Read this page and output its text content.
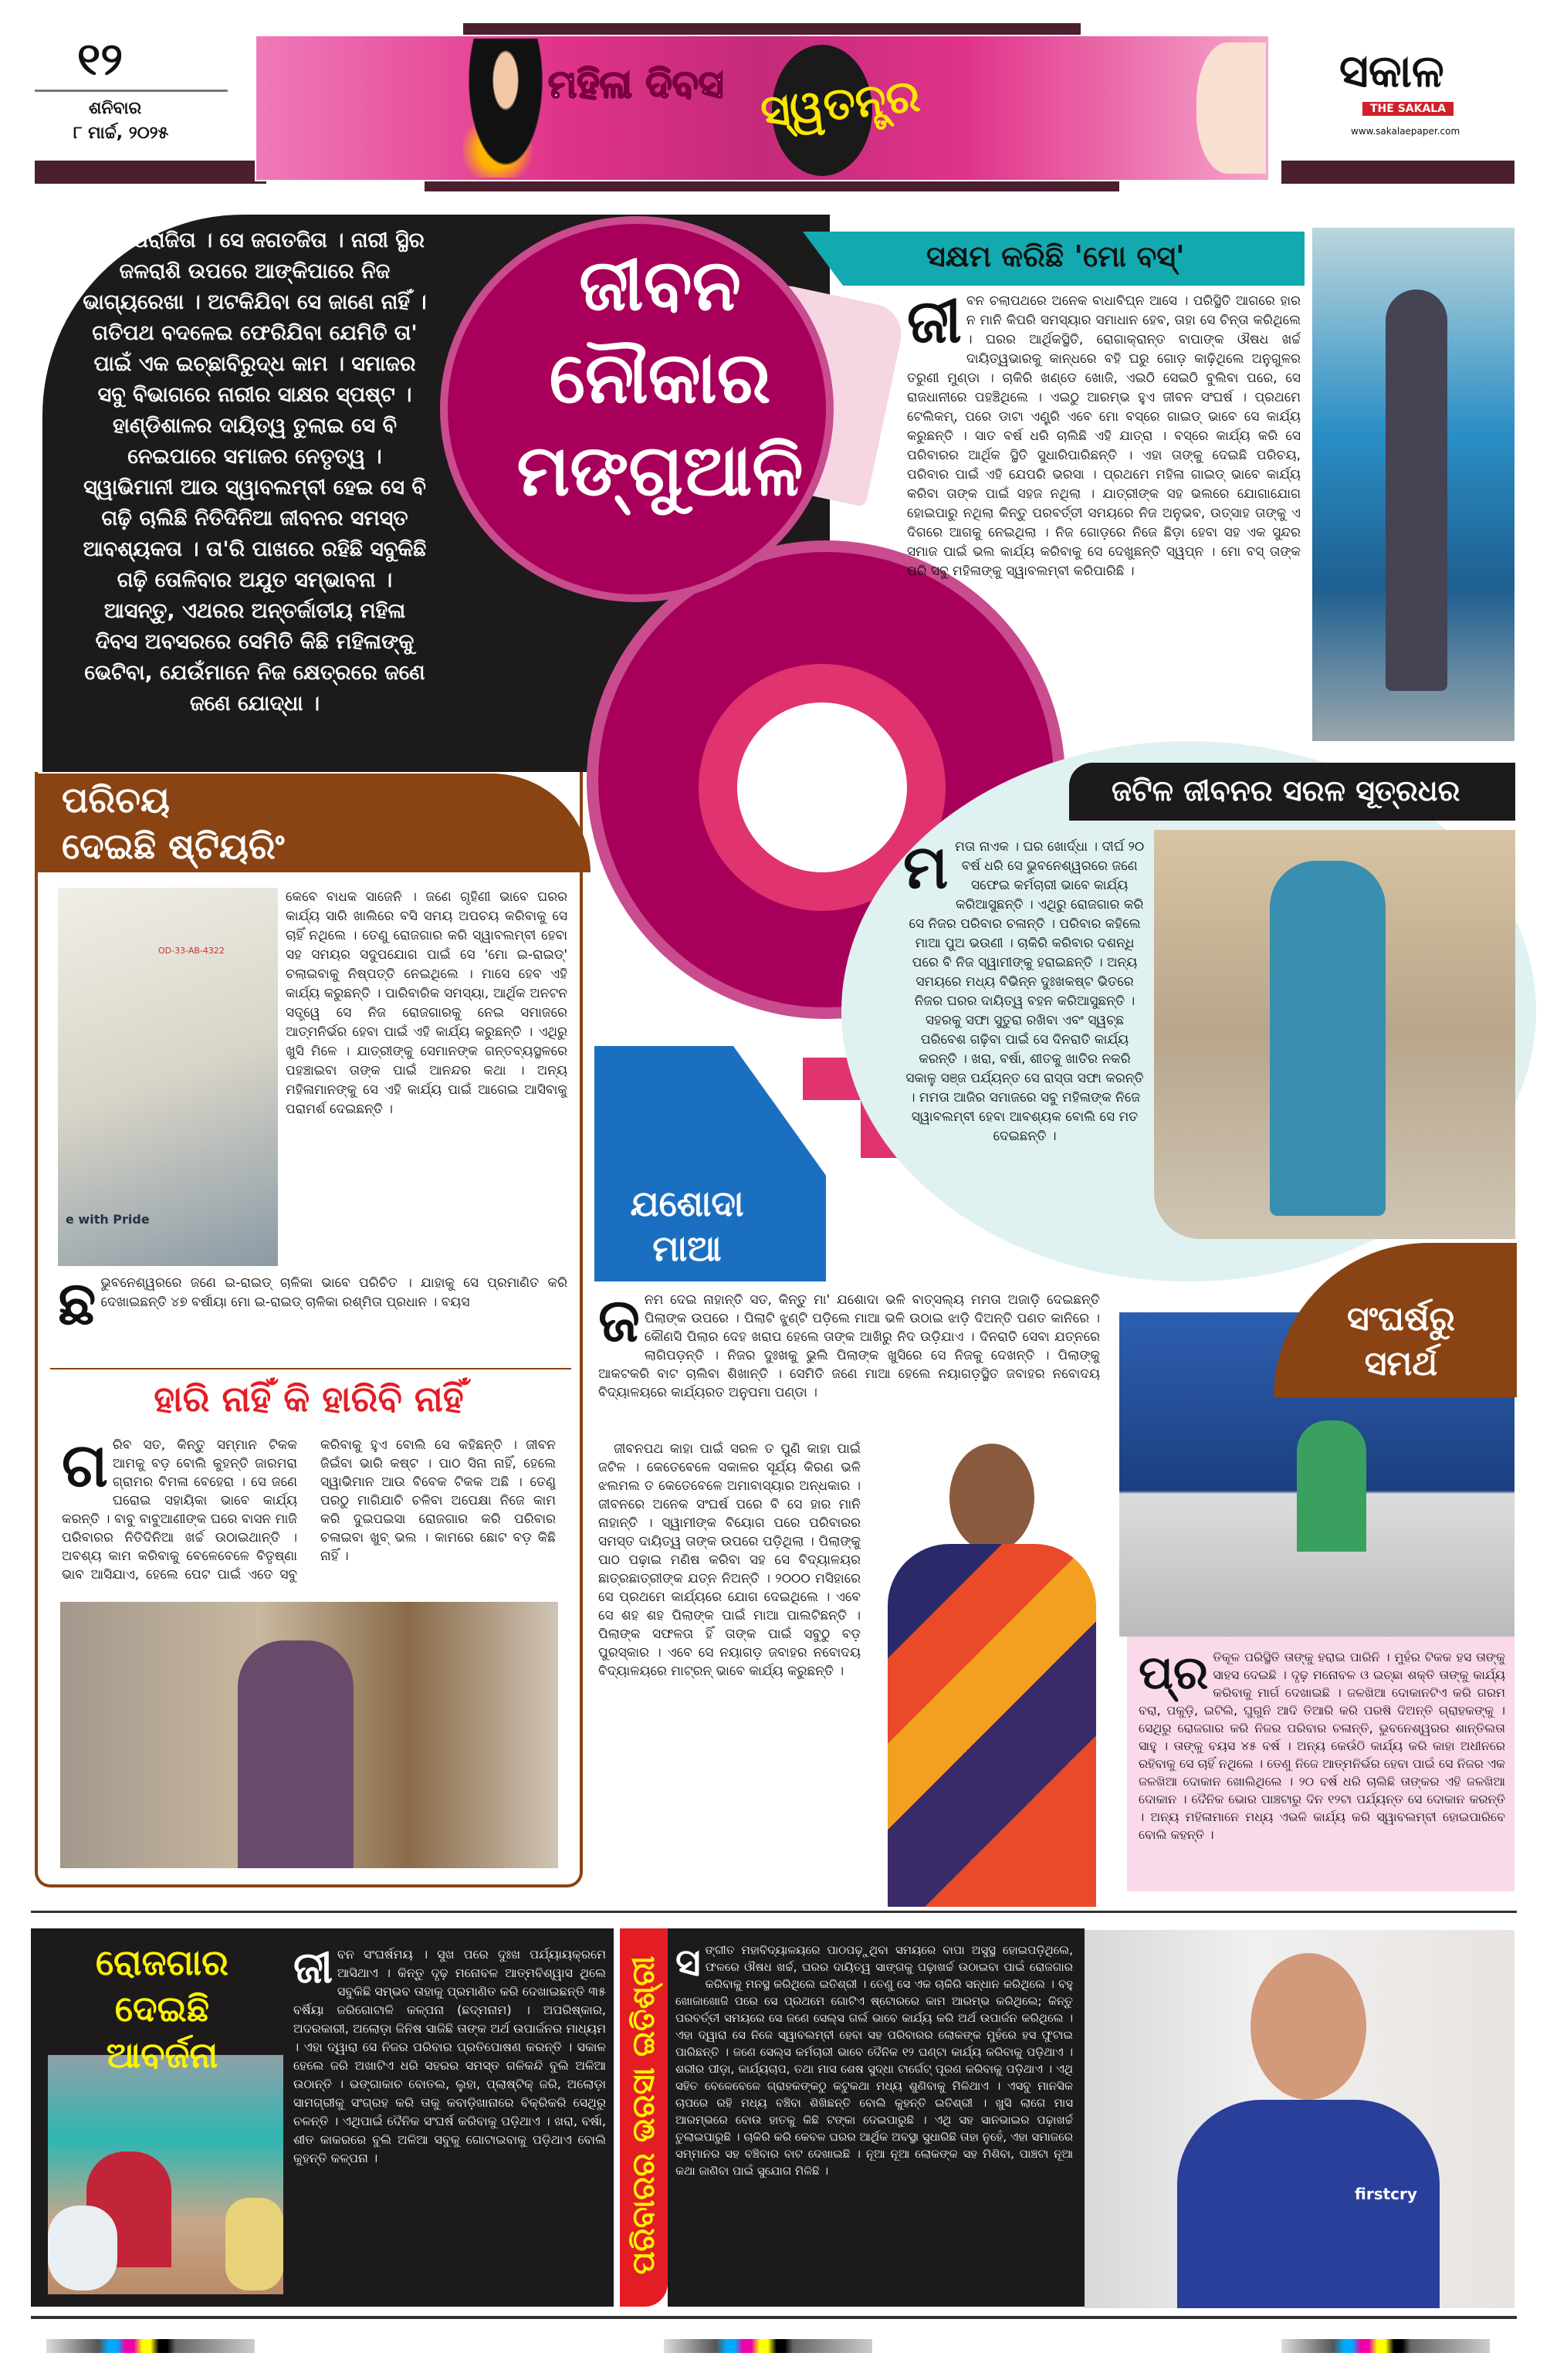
୧୨
ଶନିବାର
୮ ମାର୍ଚ୍ଚ, ୨୦୨୫
ମହିଳା ଦିବସ ସ୍ୱତନ୍ତ୍ର	ସକାଳ
THE SAKALA
www.sakalaepaper.com
ଜୀବନ
ନୌକାର
ମଙ୍ଗୁଆଳି
ସକ୍ଷମ କରିଛି 'ମୋ ବସ୍'
ଜୀବନ ଚଲାପଥରେ ଅନେକ ବାଧାବିଘ୍ନ ଆସେ । ପରିସ୍ଥିତି ଆଗରେ ହାର ନ ମାନି କିପରି ସମସ୍ୟାର ସମାଧାନ ହେବ, ତାହା ସେ ଚିନ୍ତା କରିଥିଲେ । ଘରର ଆର୍ଥିକସ୍ଥିତି, ରୋଗାକ୍ରାନ୍ତ ବାପାଙ୍କ ଔଷଧ ଖର୍ଚ୍ଚ ଦାୟିତ୍ୱଭାରକୁ କାନ୍ଧରେ ବହି ଘରୁ ଗୋଡ଼ କାଢ଼ିଥିଲେ ଅନୁଗୁଳର ତରୁଣୀ ମୁଣ୍ଡା । ଚାକିରି ଖଣ୍ଡେ ଖୋଜି, ଏଇଠି ସେଇଠି ବୁଲିବା ପରେ, ସେ ରାଜଧାନୀରେ ପହଞ୍ଚିଥିଲେ । ଏଇଠୁ ଆରମ୍ଭ ହୁଏ ଜୀବନ ସଂଘର୍ଷ । ପ୍ରଥମେ ଟେଲିକମ୍, ପରେ ଡାଟା ଏଣ୍ଟ୍ରି ଏବେ ମୋ ବସ୍‌ରେ ଗାଇଡ୍ ଭାବେ ସେ କାର୍ଯ୍ୟ କରୁଛନ୍ତି । ସାତ ବର୍ଷ ଧରି ଚାଲିଛି ଏହି ଯାତ୍ରା । ବସ୍‌ରେ କାର୍ଯ୍ୟ କରି ସେ ପରିବାରର ଆର୍ଥିକ ସ୍ଥିତି ସୁଧାରିପାରିଛନ୍ତି । ଏହା ତାଙ୍କୁ ଦେଇଛି ପରିଚୟ, ପରିବାର ପାଇଁ ଏହି ଯେପରି ଭରସା । ପ୍ରଥମେ ମହିଳା ଗାଇଡ୍ ଭାବେ କାର୍ଯ୍ୟ କରିବା ତାଙ୍କ ପାଇଁ ସହଜ ନଥିଲା । ଯାତ୍ରୀଙ୍କ ସହ ଭଲରେ ଯୋଗାଯୋଗ ହୋଇପାରୁ ନଥିଲା କିନ୍ତୁ ପରବର୍ତ୍ତୀ ସମୟରେ ନିଜ ଅନୁଭବ, ଉତ୍ସାହ ତାଙ୍କୁ ଏ ଦିଗରେ ଆଗକୁ ନେଇଥିଲା । ନିଜ ଗୋଡ଼ରେ ନିଜେ ଛିଡ଼ା ହେବା ସହ ଏକ ସୁନ୍ଦର ସମାଜ ପାଇଁ ଭଲ କାର୍ଯ୍ୟ କରିବାକୁ ସେ ଦେଖୁଛନ୍ତି ସ୍ୱପ୍ନ । ମୋ ବସ୍ ତାଙ୍କ ପରି ସବୁ ମହିଳାଙ୍କୁ ସ୍ୱାବଲମ୍ବୀ କରିପାରିଛି ।
ପରିଚୟ
ଦେଇଛି ଷ୍ଟିୟରିଂ
ସେ ଅପରାଜିତା । ସେ ଜଗତଜିତା । ନାରୀ ସ୍ଥିର ଜଳରାଶି ଉପରେ ଆଙ୍କିପାରେ ନିଜ ଭାଗ୍ୟରେଖା । ଅଟକିଯିବା ସେ ଜାଣେ ନାହିଁ । ଗତିପଥ ବଦଳେଇ ଫେରିଯିବା ଯେମିତି ତା' ପାଇଁ ଏକ ଇଚ୍ଛାବିରୁଦ୍ଧ କାମ । ସମାଜର ସବୁ ବିଭାଗରେ ନାରୀର ସାକ୍ଷର ସ୍ପଷ୍ଟ । ହାଣ୍ଡିଶାଳର ଦାୟିତ୍ୱ ତୁଲାଇ ସେ ବି ନେଇପାରେ ସମାଜର ନେତୃତ୍ୱ । ସ୍ୱାଭିମାନୀ ଆଉ ସ୍ୱାବଲମ୍ବୀ ହେଇ ସେ ବି ଗଢ଼ି ଚାଲିଛି ନିତିଦିନିଆ ଜୀବନର ସମସ୍ତ ଆବଶ୍ୟକତା । ତା'ରି ପାଖରେ ରହିଛି ସବୁକିଛି ଗଢ଼ି ତୋଳିବାର ଅଯୁତ ସମ୍ଭାବନା । ଆସନ୍ତୁ, ଏଥରର ଅନ୍ତର୍ଜାତୀୟ ମହିଳା ଦିବସ ଅବସରରେ ସେମିତି କିଛି ମହିଳାଙ୍କୁ ଭେଟିବା, ଯେଉଁମାନେ ନିଜ କ୍ଷେତ୍ରରେ ଜଣେ ଜଣେ ଯୋଦ୍ଧା ।
OD-33-AB-4322
e with Pride
କେବେ ବାଧକ ସାଜେନି । ଜଣେ ଗୃହିଣୀ ଭାବେ ଘରର କାର୍ଯ୍ୟ ସାରି ଖାଲିରେ ବସି ସମୟ ଅପଚୟ କରିବାକୁ ସେ ଚାହିଁ ନଥିଲେ । ତେଣୁ ରୋଜଗାର କରି ସ୍ୱାବଲମ୍ବୀ ହେବା ସହ ସମୟର ସଦୁପଯୋଗ ପାଇଁ ସେ 'ମୋ ଇ-ରାଇଡ୍' ଚଲାଇବାକୁ ନିଷ୍ପତ୍ତି ନେଇଥିଲେ । ମାସେ ହେବ ଏହି କାର୍ଯ୍ୟ କରୁଛନ୍ତି । ପାରିବାରିକ ସମସ୍ୟା, ଆର୍ଥିକ ଅନଟନ ସତ୍ତ୍ୱେ ସେ ନିଜ ରୋଜଗାରକୁ ନେଇ ସମାଜରେ ଆତ୍ମନିର୍ଭର ହେବା ପାଇଁ ଏହି କାର୍ଯ୍ୟ କରୁଛନ୍ତି । ଏଥିରୁ ଖୁସି ମିଳେ । ଯାତ୍ରୀଙ୍କୁ ସେମାନଙ୍କ ଗନ୍ତବ୍ୟସ୍ଥଳରେ ପହଞ୍ଚାଇବା ତାଙ୍କ ପାଇଁ ଆନନ୍ଦର କଥା । ଅନ୍ୟ ମହିଳାମାନଙ୍କୁ ସେ ଏହି କାର୍ଯ୍ୟ ପାଇଁ ଆଗେଇ ଆସିବାକୁ ପରାମର୍ଶ ଦେଇଛନ୍ତି ।
ଛଭୁବନେଶ୍ୱରରେ ଜଣେ ଇ-ରାଇଡ୍ ଚାଳିକା ଭାବେ ପରିଚିତ । ଯାହାକୁ ସେ ପ୍ରମାଣିତ କରି ଦେଖାଇଛନ୍ତି ୪୭ ବର୍ଷୀୟା ମୋ ଇ-ରାଇଡ୍ ଚାଳିକା ରଶ୍ମିତା ପ୍ରଧାନ । ବୟସ
ହାରି ନାହିଁ କି ହାରିବି ନାହିଁ
ଗରିବ ସତ, କିନ୍ତୁ ସମ୍ମାନ ଟିକକ ଆମକୁ ବଡ଼ ବୋଲି କୁହନ୍ତି ଜାରମରା ଗ୍ରାମର ବିମଳା ବେହେରା । ସେ ଜଣେ ଘରୋଇ ସହାୟିକା ଭାବେ କାର୍ଯ୍ୟ କରନ୍ତି । ବାବୁ ବାବୁଆଣୀଙ୍କ ଘରେ ବାସନ ମାଜି ପରିବାରର ନିତିଦିନିଆ ଖର୍ଚ୍ଚ ଉଠାଇଥାନ୍ତି । ଅବଶ୍ୟ କାମ କରିବାକୁ ବେଳେବେଳେ ବିତୃଷ୍ଣା ଭାବ ଆସିଯାଏ, ହେଲେ ପେଟ ପାଇଁ ଏତେ ସବୁ କରିବାକୁ ହୁଏ ବୋଲି ସେ କହିଛନ୍ତି । ଜୀବନ ଜିଇଁବା ଭାରି କଷ୍ଟ । ପାଠ ସିନା ନାହିଁ, ହେଲେ ସ୍ୱାଭିମାନ ଆଉ ବିବେକ ଟିକକ ଅଛି । ତେଣୁ ପରଠୁ ମାଗିଯାଚି ଚଳିବା ଅପେକ୍ଷା ନିଜେ କାମ କରି ଦୁଇପଇସା ରୋଜଗାର କରି ପରିବାର ଚଳାଇବା ଖୁବ୍ ଭଲ । କାମରେ ଛୋଟ ବଡ଼ କିଛି ନାହିଁ ।
ଜଟିଳ ଜୀବନର ସରଳ ସୂତ୍ରଧର
ମମତା ନାଏକ । ଘର ଖୋର୍ଦ୍ଧା । ଦୀର୍ଘ ୨୦ ବର୍ଷ ଧରି ସେ ଭୁବନେଶ୍ୱରରେ ଜଣେ ସଫେଇ କର୍ମଚାରୀ ଭାବେ କାର୍ଯ୍ୟ କରିଆସୁଛନ୍ତି । ଏଥିରୁ ରୋଜଗାର କରି ସେ ନିଜର ପରିବାର ଚଳାନ୍ତି । ପରିବାର କହିଲେ ମାଆ ପୁଅ ଭଉଣୀ । ଚାକିରି କରିବାର ଦଶନ୍ଧି ପରେ ବି ନିଜ ସ୍ୱାମୀଙ୍କୁ ହରାଇଛନ୍ତି । ଅନ୍ୟ ସମୟରେ ମଧ୍ୟ ବିଭିନ୍ନ ଦୁଃଖକଷ୍ଟ ଭିତରେ ନିଜର ଘରର ଦାୟିତ୍ୱ ବହନ କରିଆସୁଛନ୍ତି । ସହରକୁ ସଫା ସୁତୁରା ରଖିବା ଏବଂ ସ୍ୱଚ୍ଛ ପରିବେଶ ଗଢ଼ିବା ପାଇଁ ସେ ଦିନରାତି କାର୍ଯ୍ୟ କରନ୍ତି । ଖରା, ବର୍ଷା, ଶୀତକୁ ଖାତିର ନକରି ସକାଳୁ ସଞ୍ଜ ପର୍ଯ୍ୟନ୍ତ ସେ ରାସ୍ତା ସଫା କରନ୍ତି । ମମତା ଆଜିର ସମାଜରେ ସବୁ ମହିଳାଙ୍କ ନିଜେ ସ୍ୱାବଲମ୍ବୀ ହେବା ଆବଶ୍ୟକ ବୋଲି ସେ ମତ ଦେଇଛନ୍ତି ।
ଯଶୋଦା
ମାଆ
ଜନମ ଦେଇ ନାହାନ୍ତି ସତ, କିନ୍ତୁ ମା' ଯଶୋଦା ଭଳି ବାତ୍ସଲ୍ୟ ମମତା ଅଜାଡ଼ି ଦେଇଛନ୍ତି ପିଲାଙ୍କ ଉପରେ । ପିଲାଟି ଝୁଣ୍ଟି ପଡ଼ିଲେ ମାଆ ଭଳି ଉଠାଇ ଝାଡ଼ି ଦିଅନ୍ତି ପଣତ କାନିରେ । କୌଣସି ପିଲାର ଦେହ ଖରାପ ହେଲେ ତାଙ୍କ ଆଖିରୁ ନିଦ ଉଡ଼ିଯାଏ । ଦିନରାତି ସେବା ଯତ୍ନରେ ଲାଗିପଡ଼ନ୍ତି । ନିଜର ଦୁଃଖକୁ ଭୁଲି ପିଲାଙ୍କ ଖୁସିରେ ସେ ନିଜକୁ ଦେଖନ୍ତି । ପିଲାଙ୍କୁ ଆକଟକରି ବାଟ ଚାଲିବା ଶିଖାନ୍ତି । ସେମିତି ଜଣେ ମାଆ ହେଲେ ନୟାଗଡ଼ସ୍ଥିତ ଜବାହର ନବୋଦୟ ବିଦ୍ୟାଳୟରେ କାର୍ଯ୍ୟରତ ଅନୁପମା ପଣ୍ଡା ।
ଜୀବନପଥ କାହା ପାଇଁ ସରଳ ତ ପୁଣି କାହା ପାଇଁ ଜଟିଳ । କେତେବେଳେ ସକାଳର ସୂର୍ଯ୍ୟ କିରଣ ଭଳି ଝଲମଲ ତ କେତେବେଳେ ଅମାବାସ୍ୟାର ଅନ୍ଧକାର । ଜୀବନରେ ଅନେକ ସଂଘର୍ଷ ପରେ ବି ସେ ହାର ମାନି ନାହାନ୍ତି । ସ୍ୱାମୀଙ୍କ ବିୟୋଗ ପରେ ପରିବାରର ସମସ୍ତ ଦାୟିତ୍ୱ ତାଙ୍କ ଉପରେ ପଡ଼ିଥିଲା । ପିଲାଙ୍କୁ ପାଠ ପଢ଼ାଇ ମଣିଷ କରିବା ସହ ସେ ବିଦ୍ୟାଳୟର ଛାତ୍ରଛାତ୍ରୀଙ୍କ ଯତ୍ନ ନିଅନ୍ତି । ୨୦୦୦ ମସିହାରେ ସେ ପ୍ରଥମେ କାର୍ଯ୍ୟରେ ଯୋଗ ଦେଇଥିଲେ । ଏବେ ସେ ଶହ ଶହ ପିଲାଙ୍କ ପାଇଁ ମାଆ ପାଲଟିଛନ୍ତି । ପିଲାଙ୍କ ସଫଳତା ହିଁ ତାଙ୍କ ପାଇଁ ସବୁଠୁ ବଡ଼ ପୁରସ୍କାର । ଏବେ ସେ ନୟାଗଡ଼ ଜବାହର ନବୋଦୟ ବିଦ୍ୟାଳୟରେ ମାଟ୍ରନ୍ ଭାବେ କାର୍ଯ୍ୟ କରୁଛନ୍ତି ।
ସଂଘର୍ଷରୁ
ସମର୍ଥ
ପ୍ର ତିକୂଳ ପରିସ୍ଥିତି ତାଙ୍କୁ ହରାଇ ପାରିନି । ମୁହଁର ଟିକକ ହସ ତାଙ୍କୁ ସାହସ ଦେଇଛି । ଦୃଢ଼ ମନୋବଳ ଓ ଇଚ୍ଛା ଶକ୍ତି ତାଙ୍କୁ କାର୍ଯ୍ୟ କରିବାକୁ ମାର୍ଗ ଦେଖାଇଛି । ଜଳଖିଆ ଦୋକାନଟିଏ କରି ଗରମ ବରା, ପକୁଡ଼ି, ଇଟିଲି, ଘୁଗୁନି ଆଦି ତିଆରି କରି ପରଷି ଦିଅନ୍ତି ଗ୍ରାହକଙ୍କୁ । ସେଥିରୁ ରୋଜଗାର କରି ନିଜର ପରିବାର ଚଳାନ୍ତି, ଭୁବନେଶ୍ୱରର ଶାନ୍ତିଲତା ସାହୁ । ତାଙ୍କୁ ବୟସ ୪୫ ବର୍ଷ । ଅନ୍ୟ କେଉଁଠି କାର୍ଯ୍ୟ କରି କାହା ଅଧୀନରେ ରହିବାକୁ ସେ ଚାହିଁ ନଥିଲେ । ତେଣୁ ନିଜେ ଆତ୍ମନିର୍ଭର ହେବା ପାଇଁ ସେ ନିଜର ଏକ ଜଳଖିଆ ଦୋକାନ ଖୋଲିଥିଲେ । ୨୦ ବର୍ଷ ଧରି ଚାଲିଛି ତାଙ୍କର ଏହି ଜଳଖିଆ ଦୋକାନ । ଦୈନିକ ଭୋର ପାଞ୍ଚଟାରୁ ଦିନ ୧୨ଟା ପର୍ଯ୍ୟନ୍ତ ସେ ଦୋକାନ କରନ୍ତି । ଅନ୍ୟ ମହିଳାମାନେ ମଧ୍ୟ ଏଭଳି କାର୍ଯ୍ୟ କରି ସ୍ୱାବଲମ୍ବୀ ହୋଇପାରିବେ ବୋଲି କହନ୍ତି ।
ରୋଜଗାର ଦେଇଛି
ଆବର୍ଜନା
ଜୀବନ ସଂଘର୍ଷମୟ । ସୁଖ ପରେ ଦୁଃଖ ପର୍ଯ୍ୟାୟକ୍ରମେ ଆସିଥାଏ । କିନ୍ତୁ ଦୃଢ଼ ମନୋବଳ ଆତ୍ମବିଶ୍ୱାସ ଥିଲେ ସବୁକିଛି ସମ୍ଭବ ତାହାକୁ ପ୍ରମାଣିତ କରି ଦେଖାଇଛନ୍ତି ୩୫ ବର୍ଷିୟା ଜରିଗୋଟାଳି କଳ୍ପନା (ଛଦ୍ମନାମ) । ଅପରିଷ୍କାର, ଅଦରକାରୀ, ଅଲୋଡ଼ା ଜିନିଷ ସାଜିଛି ତାଙ୍କ ଅର୍ଥ ଉପାର୍ଜନର ମାଧ୍ୟମ । ଏହା ଦ୍ୱାରା ସେ ନିଜର ପରିବାର ପ୍ରତିପୋଷଣ କରନ୍ତି । ସକାଳ ହେଲେ ଜରି ଅଖାଟିଏ ଧରି ସହରର ସମସ୍ତ ଗଳିକନ୍ଦି ବୁଲି ଅଳିଆ ଉଠାନ୍ତି । ଭଙ୍ଗାକାଚ ବୋତଲ, ଲୁହା, ପ୍ଲାଷ୍ଟିକ୍ ଜରି, ଅଲୋଡ଼ା ସାମଗ୍ରୀକୁ ସଂଗ୍ରହ କରି ତାକୁ କବାଡ଼ିଖାନାରେ ବିକ୍ରିକରି ସେଥିରୁ ଚଳନ୍ତି । ଏଥିପାଇଁ ଦୈନିକ ସଂଘର୍ଷ କରିବାକୁ ପଡ଼ିଥାଏ । ଖରା, ବର୍ଷା, ଶୀତ କାକରରେ ବୁଲି ଅଳିଆ ସବୁକୁ ଗୋଟାଇବାକୁ ପଡ଼ିଥାଏ ବୋଲି କୁହନ୍ତି କଳ୍ପନା ।	ପରିବାରର ଭରସା ଇତିଶ୍ରୀ ସଙ୍ଗୀତ ମହାବିଦ୍ୟାଳୟରେ ପାଠପଢ଼ୁଥିବା ସମୟରେ ବାପା ଅସୁସ୍ଥ ହୋଇପଡ଼ିଥିଲେ, ଫଳରେ ଔଷଧ ଖର୍ଚ୍ଚ, ଘରର ଦାୟିତ୍ୱ ସାଙ୍ଗକୁ ପଢ଼ାଖର୍ଚ୍ଚ ଉଠାଇବା ପାଇଁ ରୋଜଗାର କରିବାକୁ ମନସ୍ଥ କରିଥିଲେ ଇତିଶ୍ରୀ । ତେଣୁ ସେ ଏକ ଚାକିରି ସନ୍ଧାନ କରିଥିଲେ । ବହୁ ଖୋଜାଖୋଜି ପରେ ସେ ପ୍ରଥମେ ଗୋଟିଏ ଷ୍ଟୋରରେ କାମ ଆରମ୍ଭ କରିଥିଲେ; କିନ୍ତୁ ପରବର୍ତ୍ତୀ ସମୟରେ ସେ ଜଣେ ସେଲ୍ସ ଗର୍ଲ ଭାବେ କାର୍ଯ୍ୟ କରି ଅର୍ଥ ଉପାର୍ଜନ କରିଥିଲେ । ଏହା ଦ୍ୱାରା ସେ ନିଜେ ସ୍ୱାବଲମ୍ବୀ ହେବା ସହ ପରିବାରର ଲୋକଙ୍କ ମୁହଁରେ ହସ ଫୁଟାଇ ପାରିଛନ୍ତି । ଜଣେ ସେଲ୍ସ କର୍ମଚାରୀ ଭାବେ ଦୈନିକ ୧୨ ଘଣ୍ଟା କାର୍ଯ୍ୟ କରିବାକୁ ପଡ଼ିଥାଏ । ଶରୀର ପୀଡ଼ା, କାର୍ଯ୍ୟଚାପ, ତଥା ମାସ ଶେଷ ସୁଦ୍ଧା ଟାର୍ଗେଟ୍ ପୂରଣ କରିବାକୁ ପଡ଼ିଥାଏ । ଏଥି ସହିତ ବେଳେବେଳେ ଗ୍ରାହକଙ୍କଠୁ କଟୁକଥା ମଧ୍ୟ ଶୁଣିବାକୁ ମିଳିଥାଏ । ଏସବୁ ମାନସିକ ଚାପରେ ରହି ମଧ୍ୟ ବଞ୍ଚିବା ଶିଖିଛନ୍ତି ବୋଲି କୁହନ୍ତି ଇତିଶ୍ରୀ । ଖୁସି ଲାଗେ ମାସ ଆରମ୍ଭରେ ବୋଉ ହାତକୁ କିଛି ଟଙ୍କା ଦେଇପାରୁଛି । ଏଥି ସହ ସାନଭାଇର ପଢ଼ାଖର୍ଚ୍ଚ ତୁଲାଇପାରୁଛି । ଚାକିରି କରି କେବଳ ଘରର ଆର୍ଥିକ ଅବସ୍ଥା ସୁଧାରିଛି ତାହା ନୁହେଁ, ଏହା ସମାଜରେ ସମ୍ମାନର ସହ ବଞ୍ଚିବାର ବାଟ ଦେଖାଇଛି । ନୂଆ ନୂଆ ଲୋକଙ୍କ ସହ ମିଶିବା, ପାଞ୍ଚଟା ନୂଆ କଥା ଜାଣିବା ପାଇଁ ସୁଯୋଗ ମିଳିଛି ।
firstcry
